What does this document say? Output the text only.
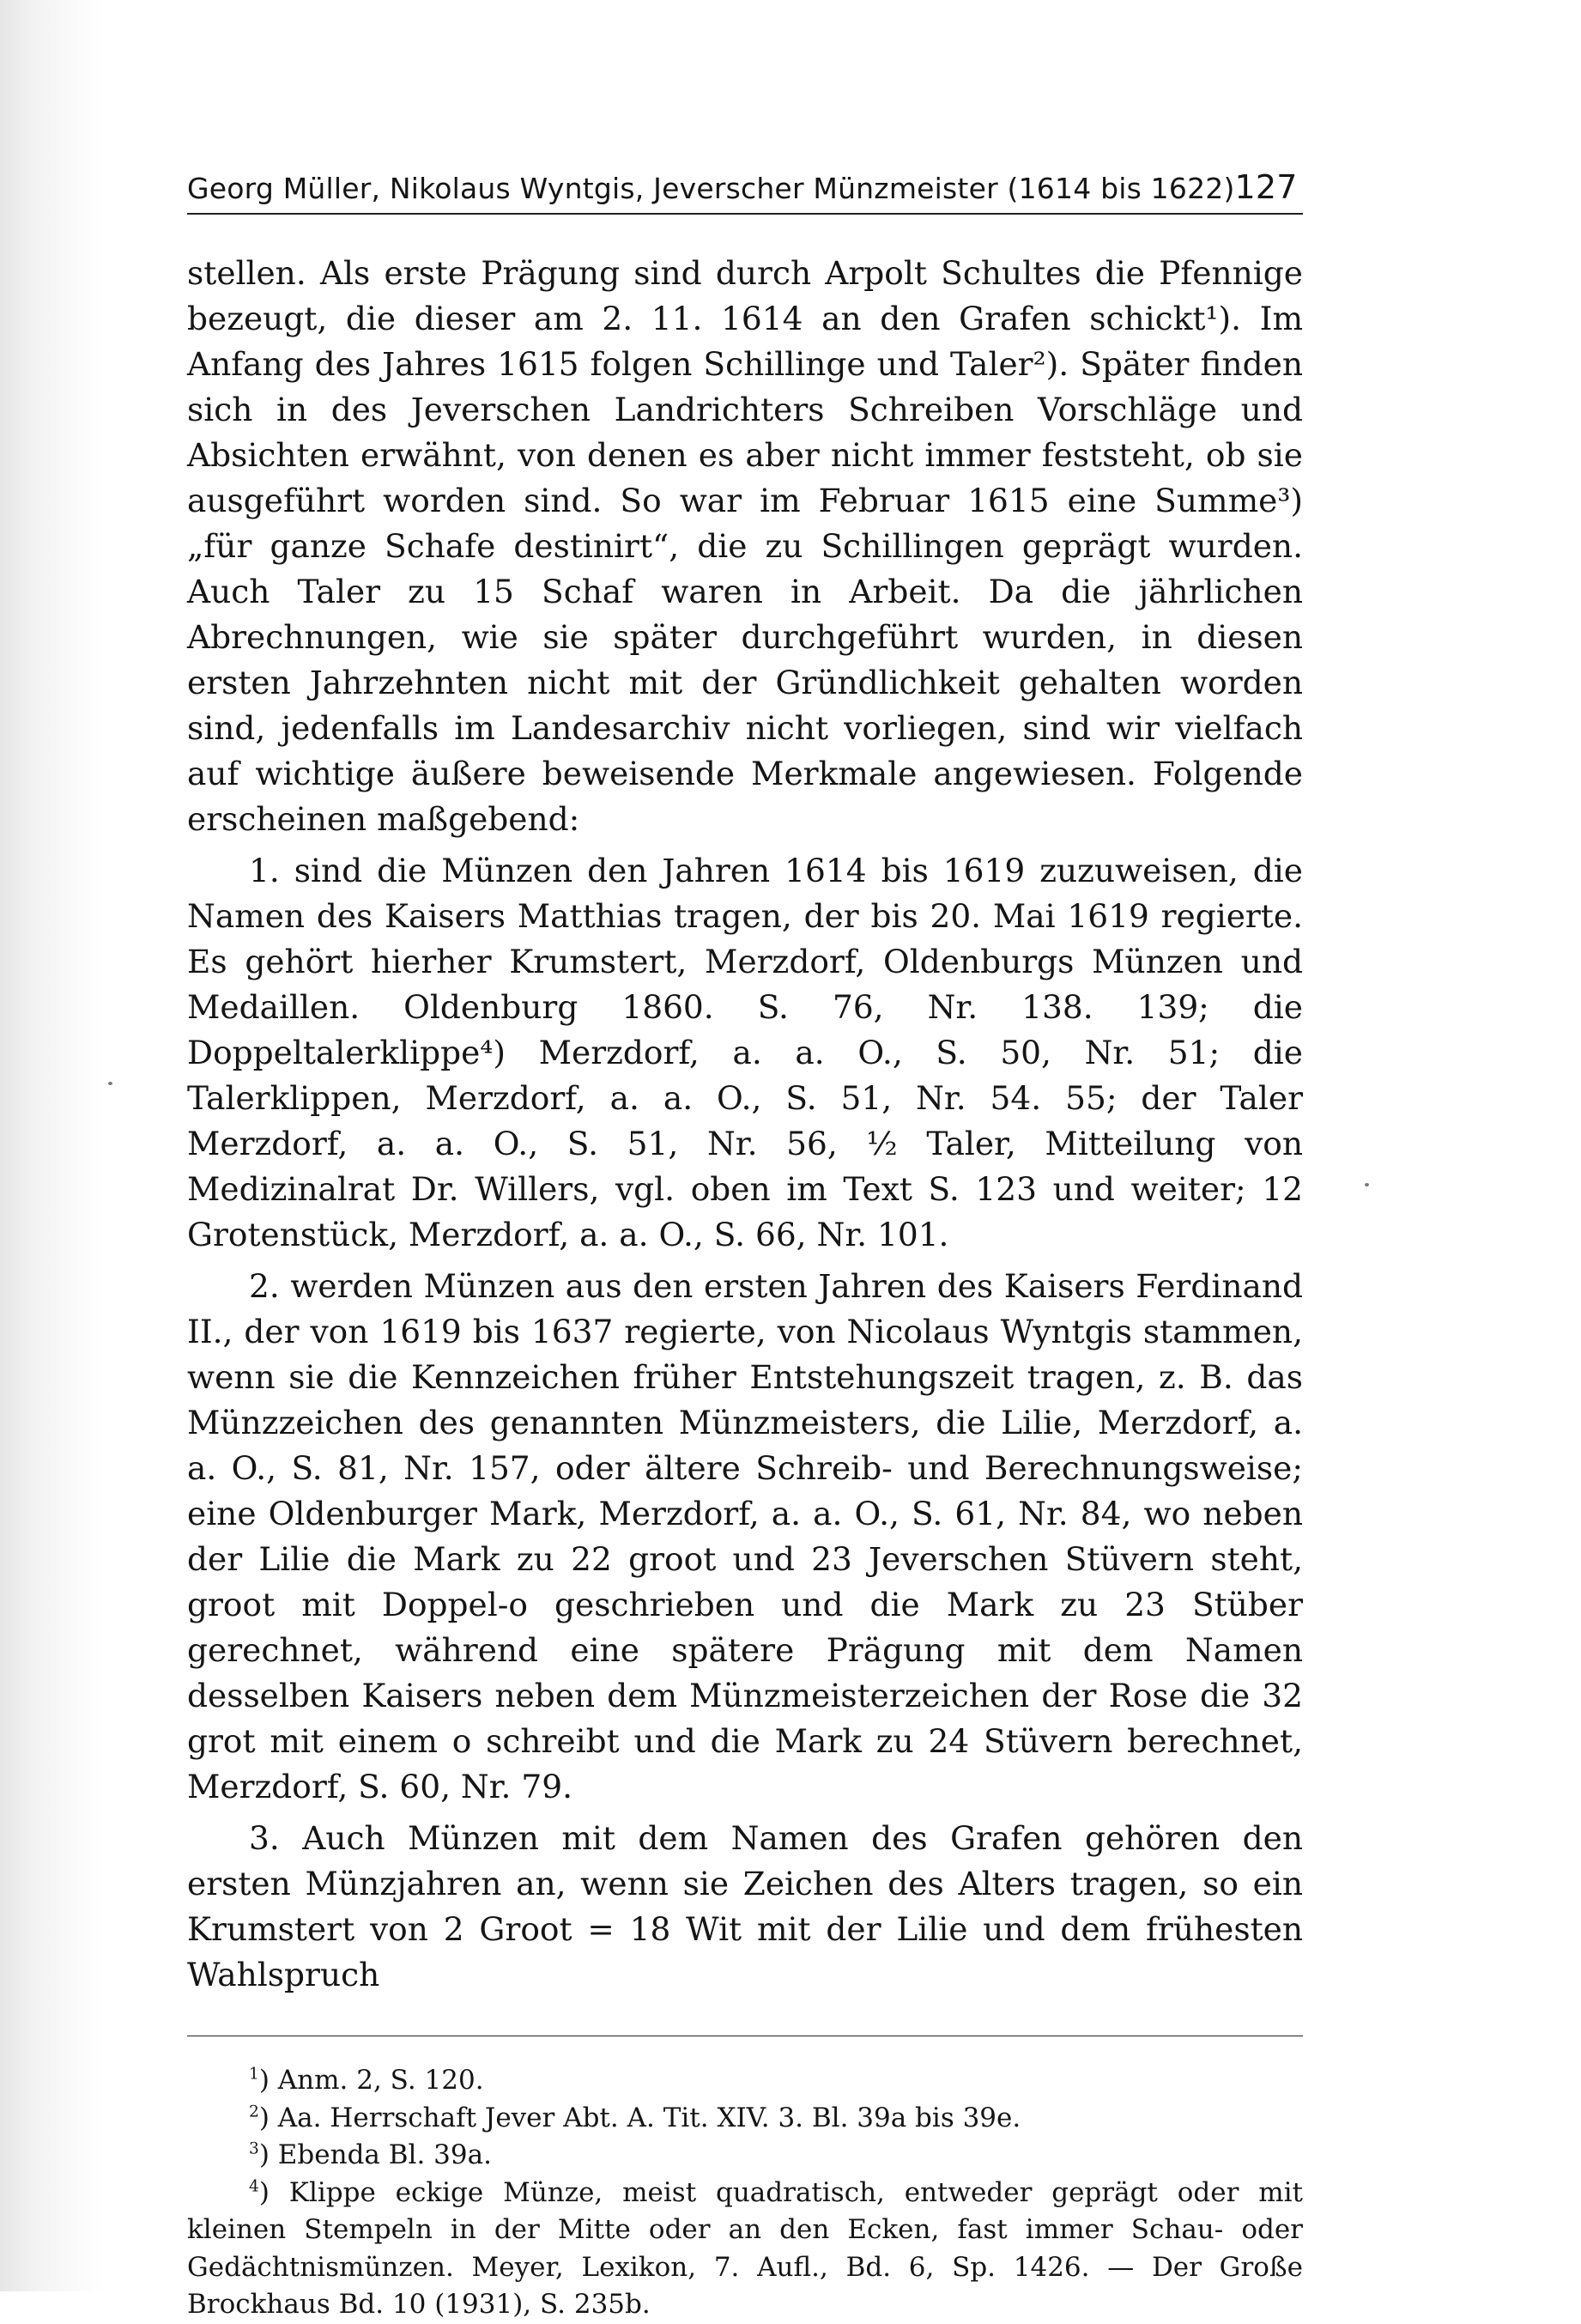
Georg Müller, Nikolaus Wyntgis, Jeverscher Münzmeister (1614 bis 1622) 127

stellen. Als erste Prägung sind durch Arpolt Schultes die Pfennige bezeugt, die dieser am 2. 11. 1614 an den Grafen schickt¹). Im Anfang des Jahres 1615 folgen Schillinge und Taler²). Später finden sich in des Jeverschen Landrichters Schreiben Vorschläge und Absichten erwähnt, von denen es aber nicht immer feststeht, ob sie ausgeführt worden sind. So war im Februar 1615 eine Summe³) „für ganze Schafe destinirt“, die zu Schillingen geprägt wurden. Auch Taler zu 15 Schaf waren in Arbeit. Da die jährlichen Abrechnungen, wie sie später durchgeführt wurden, in diesen ersten Jahrzehnten nicht mit der Gründlichkeit gehalten worden sind, jedenfalls im Landesarchiv nicht vorliegen, sind wir vielfach auf wichtige äußere beweisende Merkmale angewiesen. Folgende erscheinen maßgebend:

1. sind die Münzen den Jahren 1614 bis 1619 zuzuweisen, die Namen des Kaisers Matthias tragen, der bis 20. Mai 1619 regierte. Es gehört hierher Krumstert, Merzdorf, Oldenburgs Münzen und Medaillen. Oldenburg 1860. S. 76, Nr. 138. 139; die Doppeltalerklippe⁴) Merzdorf, a. a. O., S. 50, Nr. 51; die Talerklippen, Merzdorf, a. a. O., S. 51, Nr. 54. 55; der Taler Merzdorf, a. a. O., S. 51, Nr. 56, ½ Taler, Mitteilung von Medizinalrat Dr. Willers, vgl. oben im Text S. 123 und weiter; 12 Grotenstück, Merzdorf, a. a. O., S. 66, Nr. 101.

2. werden Münzen aus den ersten Jahren des Kaisers Ferdinand II., der von 1619 bis 1637 regierte, von Nicolaus Wyntgis stammen, wenn sie die Kennzeichen früher Entstehungszeit tragen, z. B. das Münzzeichen des genannten Münzmeisters, die Lilie, Merzdorf, a. a. O., S. 81, Nr. 157, oder ältere Schreib- und Berechnungsweise; eine Oldenburger Mark, Merzdorf, a. a. O., S. 61, Nr. 84, wo neben der Lilie die Mark zu 22 groot und 23 Jeverschen Stüvern steht, groot mit Doppel-o geschrieben und die Mark zu 23 Stüber gerechnet, während eine spätere Prägung mit dem Namen desselben Kaisers neben dem Münzmeisterzeichen der Rose die 32 grot mit einem o schreibt und die Mark zu 24 Stüvern berechnet, Merzdorf, S. 60, Nr. 79.

3. Auch Münzen mit dem Namen des Grafen gehören den ersten Münzjahren an, wenn sie Zeichen des Alters tragen, so ein Krumstert von 2 Groot = 18 Wit mit der Lilie und dem frühesten Wahlspruch

$^1$) Anm. 2, S. 120.

$^2$) Aa. Herrschaft Jever Abt. A. Tit. XIV. 3. Bl. 39a bis 39e.

$^3$) Ebenda Bl. 39a.

$^4$) Klippe eckige Münze, meist quadratisch, entweder geprägt oder mit kleinen Stempeln in der Mitte oder an den Ecken, fast immer Schau- oder Gedächtnismünzen. Meyer, Lexikon, 7. Aufl., Bd. 6, Sp. 1426. — Der Große Brockhaus Bd. 10 (1931), S. 235b.
